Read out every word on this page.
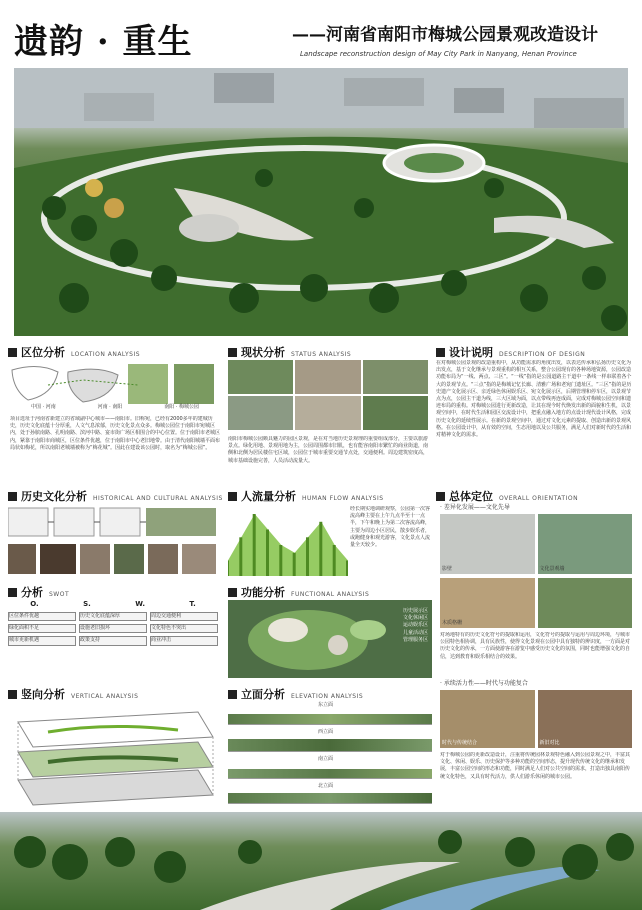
遗韵 · 重生	——河南省南阳市梅城公园景观改造设计
Landscape reconstruction design of May City Park in Nanyang, Henan Province
区位分析 LOCATION ANALYSIS
中国 · 河南	河南 · 南阳	南阳 · 梅城公园
项目选址于河南省新建立的省域副中心城市——南阳市。旧称宛，已经有2000多年的建城历史，历史文化底蕴十分厚重，人文气息浓郁，历史文化景点众多。梅城公园位于南阳市宛城区内，处于孙膑南路、孔明南路、滨河中路、宴市街广场区相围合的中心位置。位于南阳市老城区内，紧靠于南阳市商城区，区位条件优越，位于南阳市中心老旧地带。由于清代南阳城墙平面布局状如梅花，所以南阳老城墙被称为“梅花城”。因此在建设该公园时，取名为“梅城公园”。
现状分析 STATUS ANALYSIS
南阳市梅城公园颇具魅力的园区景观，是在对当地历史景观理的重要组成部分，主要以旅游景点。绿化用地、景观用地为主，公园周围都市旧肌，也有能容南阳市繁忙的商业街道，南侧和北侧为居民楼住宅区域，公园位于城市重要交通节点处，交通便利。周边建筑密度高，城市基础设施完善，人员活动流量大。
设计说明 DESCRIPTION OF DESIGN
在对梅城公园景观的改造重构中，从功能需求的角度出发，以表达传承和弘扬历史文化为出发点，基于文化继承与景观重构的相互关系，整合公园现有的各种场地资源，公园改造功能布局为“一线、两点、三区”。“一线”指的是公园道路主干道中一条线一样串联着各个大的景观节点。“三点”指的是梅城记忆长廊、清雅广场和老宛门遗址区。“三区”指的是历史遗产文化展示区、亲近绿色休闲娱乐区、宛文化展示区，后期管理和停车区，以景观节点为点，公园主干道为线，三大区域为面，以点带线再连成面，完成对梅城公园空间和遗迹布局的重构。对梅城公园进行更新改造，让其在现今时代焕发出新的面貌和生机，以景观空间中，在时代生活和园区交流设计中，把重点融入地方的点设计现代设计风格，完成历史文化的延续性展示。在新的景观空间中，通过对文化元素的提取、创造出新的景观风格。在公园设计中，从有效的空间，生态用地以及公共服务，满足人们对新时代的生活和对精神文化的需求。
历史文化分析 HISTORICAL AND CULTURAL ANALYSIS	人流量分析 HUMAN FLOW ANALYSIS
经长期实地调研观察，公园第一次客流高峰主要在上午九点半至十一点半，下午和晚上为第二次客流高峰，主要为周边小区居民，散步娱乐者，或跑健身和观光游客，文化景点人流量全天较少。
总体定位 OVERALL ORIENTATION
· 差异化发展——文化先导
影壁	文化景观墙
木质格栅
对场地特有的历史文化符号的提取和运用，文化符号的提取与运用与周边环境，与城市公园特色相协调，具有民族性，使得文化景观在公园中具有独特的辨识度，一方面是对历史文化的传承，一方面使游客在游览中感受历史文化的氛围，同时也能增强文化的自信，达到教育和娱乐相结合的效果。
· 承续活力性——时代与功能复合
时代与传统结合	新旧对比
对于梅城公园的更新改造设计，注重将传统园林景观特色融入到公园景观之中，丰富其文化、休闲、娱乐、历史保护等多种功能的空间形态，提升现代传统文化的继承和发展，丰富公园空间的形态和功能，同时满足人们对公共空间的需求，打造出独具南阳传统文化特色，又具有时代活力，供人们游乐休闲的城市公园。
分析 SWOT
O.	S.	W.	T.
区位条件优越	历史文化底蕴深厚	周边交通便利
绿化面积不足	设施老旧损坏	文化特色不突出
城市更新机遇	政策支持	商业冲击
功能分析 FUNCTIONAL ANALYSIS
历史展示区
文化休闲区
运动娱乐区
儿童活动区
管理服务区
竖向分析 VERTICAL ANALYSIS	立面分析 ELEVATION ANALYSIS
东立面
西立面
南立面
北立面
